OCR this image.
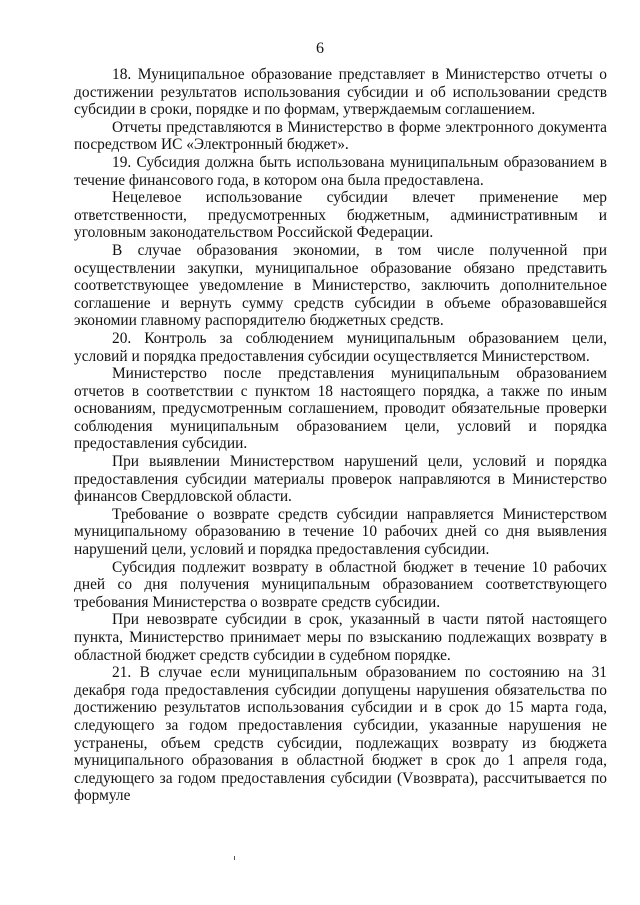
6

18. Муниципальное образование представляет в Министерство отчеты о достижении результатов использования субсидии и об использовании средств субсидии в сроки, порядке и по формам, утверждаемым соглашением.

Отчеты представляются в Министерство в форме электронного документа посредством ИС «Электронный бюджет».

19. Субсидия должна быть использована муниципальным образованием в течение финансового года, в котором она была предоставлена.

Нецелевое использование субсидии влечет применение мер ответственности, предусмотренных бюджетным, административным и уголовным законодательством Российской Федерации.

В случае образования экономии, в том числе полученной при осуществлении закупки, муниципальное образование обязано представить соответствующее уведомление в Министерство, заключить дополнительное соглашение и вернуть сумму средств субсидии в объеме образовавшейся экономии главному распорядителю бюджетных средств.

20. Контроль за соблюдением муниципальным образованием цели, условий и порядка предоставления субсидии осуществляется Министерством.

Министерство после представления муниципальным образованием отчетов в соответствии с пунктом 18 настоящего порядка, а также по иным основаниям, предусмотренным соглашением, проводит обязательные проверки соблюдения муниципальным образованием цели, условий и порядка предоставления субсидии.

При выявлении Министерством нарушений цели, условий и порядка предоставления субсидии материалы проверок направляются в Министерство финансов Свердловской области.

Требование о возврате средств субсидии направляется Министерством муниципальному образованию в течение 10 рабочих дней со дня выявления нарушений цели, условий и порядка предоставления субсидии.

Субсидия подлежит возврату в областной бюджет в течение 10 рабочих дней со дня получения муниципальным образованием соответствующего требования Министерства о возврате средств субсидии.

При невозврате субсидии в срок, указанный в части пятой настоящего пункта, Министерство принимает меры по взысканию подлежащих возврату в областной бюджет средств субсидии в судебном порядке.

21. В случае если муниципальным образованием по состоянию на 31 декабря года предоставления субсидии допущены нарушения обязательства по достижению результатов использования субсидии и в срок до 15 марта года, следующего за годом предоставления субсидии, указанные нарушения не устранены, объем средств субсидии, подлежащих возврату из бюджета муниципального образования в областной бюджет в срок до 1 апреля года, следующего за годом предоставления субсидии (Vвозврата), рассчитывается по формуле
